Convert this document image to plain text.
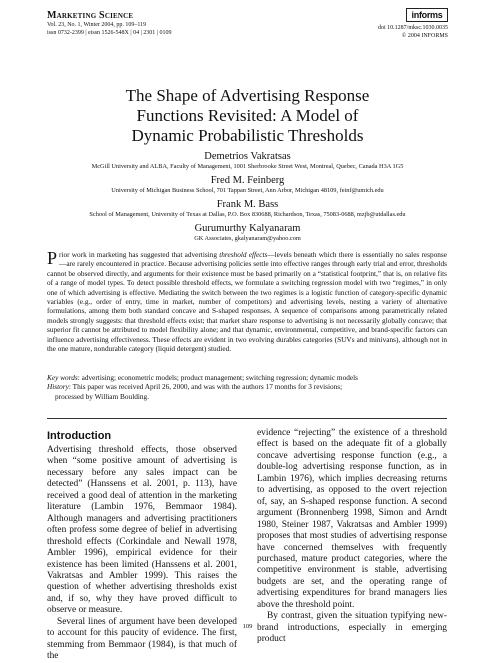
Marketing Science
Vol. 23, No. 1, Winter 2004, pp. 109–119
issn 0732-2399 | eissn 1526-548X | 04 | 2301 | 0109
informs
doi 10.1287/mksc.1030.0035
© 2004 INFORMS
The Shape of Advertising Response
Functions Revisited: A Model of
Dynamic Probabilistic Thresholds
Demetrios Vakratsas
McGill University and ALBA, Faculty of Management, 1001 Sherbrooke Street West, Montreal, Quebec, Canada H3A 1G5
Fred M. Feinberg
University of Michigan Business School, 701 Tappan Street, Ann Arbor, Michigan 48109, feinf@umich.edu
Frank M. Bass
School of Management, University of Texas at Dallas, P.O. Box 830688, Richardson, Texas, 75083-0688, mzjb@utdallas.edu
Gurumurthy Kalyanaram
GK Associates, gkalyanaram@yahoo.com

Prior work in marketing has suggested that advertising threshold effects—levels beneath which there is essentially no sales response—are rarely encountered in practice. Because advertising policies settle into effective ranges through early trial and error, thresholds cannot be observed directly, and arguments for their existence must be based primarily on a “statistical footprint,” that is, on relative fits of a range of model types. To detect possible threshold effects, we formulate a switching regression model with two “regimes,” in only one of which advertising is effective. Mediating the switch between the two regimes is a logistic function of category-specific dynamic variables (e.g., order of entry, time in market, number of competitors) and advertising levels, nesting a variety of alternative formulations, among them both standard concave and S-shaped responses. A sequence of comparisons among parametrically related models strongly suggests: that threshold effects exist; that market share response to advertising is not necessarily globally concave; that superior fit cannot be attributed to model flexibility alone; and that dynamic, environmental, competitive, and brand-specific factors can influence advertising effectiveness. These effects are evident in two evolving durables categories (SUVs and minivans), although not in the one mature, nondurable category (liquid detergent) studied.

Key words: advertising; econometric models; product management; switching regression; dynamic models

History: This paper was received April 26, 2000, and was with the authors 17 months for 3 revisions;
processed by William Boulding.

Introduction

Advertising threshold effects, those observed when “some positive amount of advertising is necessary before any sales impact can be detected” (Hanssens et al. 2001, p. 113), have received a good deal of attention in the marketing literature (Lambin 1976, Bemmaor 1984). Although managers and advertising practitioners often profess some degree of belief in advertising threshold effects (Corkindale and Newall 1978, Ambler 1996), empirical evidence for their existence has been limited (Hanssens et al. 2001, Vakratsas and Ambler 1999). This raises the question of whether advertising thresholds exist and, if so, why they have proved difficult to observe or measure.

Several lines of argument have been developed to account for this paucity of evidence. The first, stemming from Bemmaor (1984), is that much of the

evidence “rejecting” the existence of a threshold effect is based on the adequate fit of a globally concave advertising response function (e.g., a double-log advertising response function, as in Lambin 1976), which implies decreasing returns to advertising, as opposed to the overt rejection of, say, an S-shaped response function. A second argument (Bronnenberg 1998, Simon and Arndt 1980, Steiner 1987, Vakratsas and Ambler 1999) proposes that most studies of advertising response have concerned themselves with frequently purchased, mature product categories, where the competitive environment is stable, advertising budgets are set, and the operating range of advertising expenditures for brand managers lies above the threshold point.

By contrast, given the situation typifying new-brand introductions, especially in emerging product

109
